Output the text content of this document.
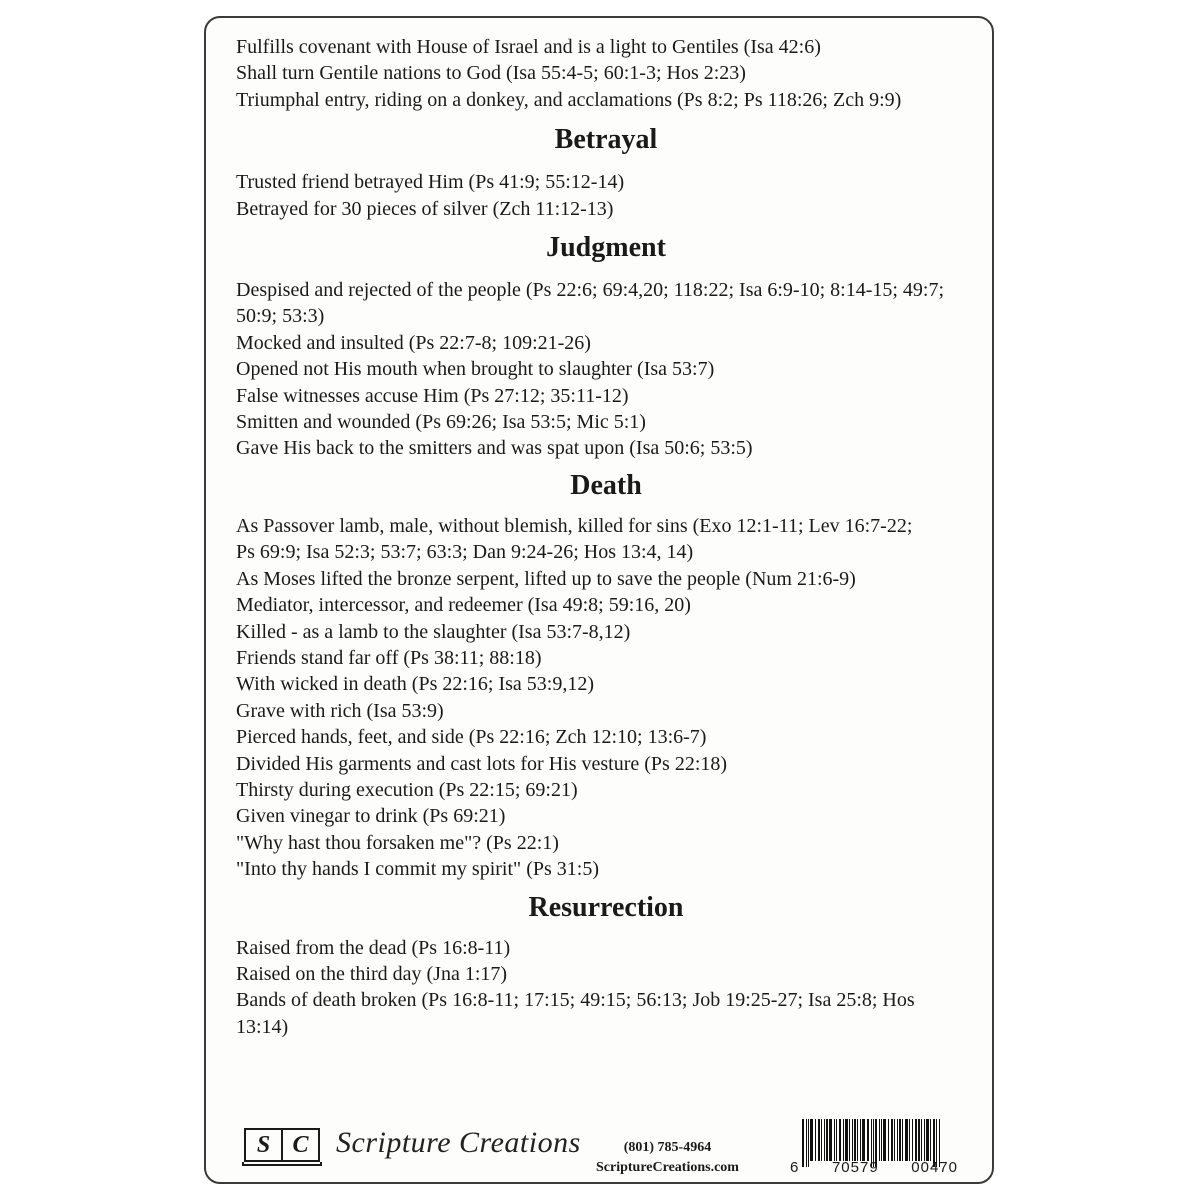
Fulfills covenant with House of Israel and is a light to Gentiles (Isa 42:6)
Shall turn Gentile nations to God (Isa 55:4-5; 60:1-3; Hos 2:23)
Triumphal entry, riding on a donkey, and acclamations (Ps 8:2; Ps 118:26; Zch 9:9)
Betrayal
Trusted friend betrayed Him (Ps 41:9; 55:12-14)
Betrayed for 30 pieces of silver (Zch 11:12-13)
Judgment
Despised and rejected of the people (Ps 22:6; 69:4,20; 118:22; Isa 6:9-10; 8:14-15; 49:7; 50:9; 53:3)
Mocked and insulted (Ps 22:7-8; 109:21-26)
Opened not His mouth when brought to slaughter (Isa 53:7)
False witnesses accuse Him (Ps 27:12; 35:11-12)
Smitten and wounded (Ps 69:26; Isa 53:5; Mic 5:1)
Gave His back to the smitters and was spat upon (Isa 50:6; 53:5)
Death
As Passover lamb, male, without blemish, killed for sins (Exo 12:1-11; Lev 16:7-22;
Ps 69:9; Isa 52:3; 53:7; 63:3; Dan 9:24-26; Hos 13:4, 14)
As Moses lifted the bronze serpent, lifted up to save the people (Num 21:6-9)
Mediator, intercessor, and redeemer (Isa 49:8; 59:16, 20)
Killed - as a lamb to the slaughter (Isa 53:7-8,12)
Friends stand far off (Ps 38:11; 88:18)
With wicked in death (Ps 22:16; Isa 53:9,12)
Grave with rich (Isa 53:9)
Pierced hands, feet, and side (Ps 22:16; Zch 12:10; 13:6-7)
Divided His garments and cast lots for His vesture (Ps 22:18)
Thirsty during execution (Ps 22:15; 69:21)
Given vinegar to drink (Ps 69:21)
"Why hast thou forsaken me"? (Ps 22:1)
"Into thy hands I commit my spirit" (Ps 31:5)
Resurrection
Raised from the dead (Ps 16:8-11)
Raised on the third day (Jna 1:17)
Bands of death broken (Ps 16:8-11; 17:15; 49:15; 56:13; Job 19:25-27; Isa 25:8; Hos 13:14)
S C Scripture Creations	(801) 785-4964
ScriptureCreations.com	6 70579 00470
